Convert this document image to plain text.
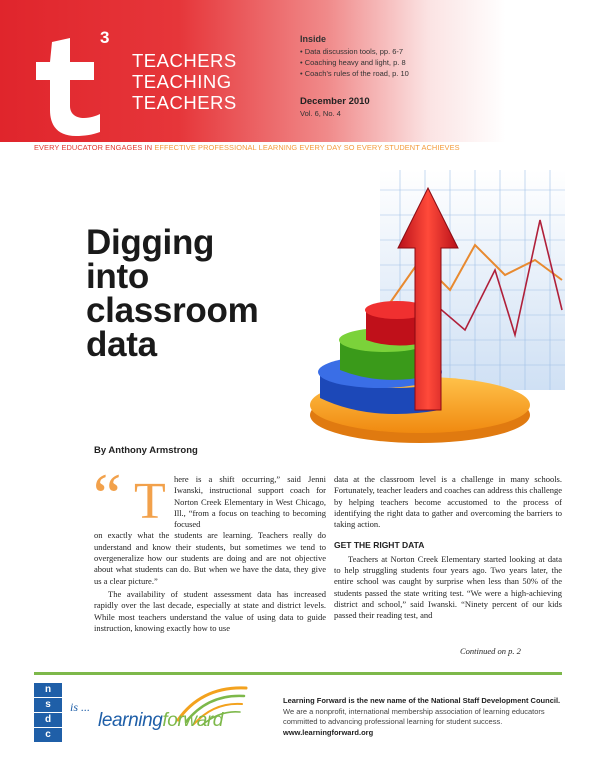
3
TEACHERS
TEACHING
TEACHERS
Inside
• Data discussion tools, pp. 6-7
• Coaching heavy and light, p. 8
• Coach’s rules of the road, p. 10
December 2010
Vol. 6, No. 4
EVERY EDUCATOR ENGAGES IN EFFECTIVE PROFESSIONAL LEARNING EVERY DAY SO EVERY STUDENT ACHIEVES
Digging
into
classroom
data
By Anthony Armstrong
“ T here is a shift occurring,” said Jenni Iwanski, instructional support coach for Norton Creek Elementary in West Chicago, Ill., “from a focus on teaching to becoming focused
on exactly what the students are learning. Teachers really do understand and know their students, but sometimes we tend to overgeneralize how our students are doing and are not objective about what students can do. But when we have the data, they give us a clear picture.”
The availability of student assessment data has increased rapidly over the last decade, especially at state and district levels. While most teachers understand the value of using data to guide instruction, knowing exactly how to use
data at the classroom level is a challenge in many schools. Fortunately, teacher leaders and coaches can address this challenge by helping teachers become accustomed to the process of identifying the right data to gather and overcoming the barriers to taking action.
GET THE RIGHT DATA
Teachers at Norton Creek Elementary started looking at data to help struggling students four years ago. Two years later, the entire school was caught by surprise when less than 50% of the students passed the state writing test. “We were a high-achieving district and school,” said Iwanski. “Ninety percent of our kids passed their reading test, and
Continued on p. 2
n
s
d
c
is ...
learningforward
Learning Forward is the new name of the National Staff Development Council.
We are a nonprofit, international membership association of learning educators committed to advancing professional learning for student success.
www.learningforward.org
